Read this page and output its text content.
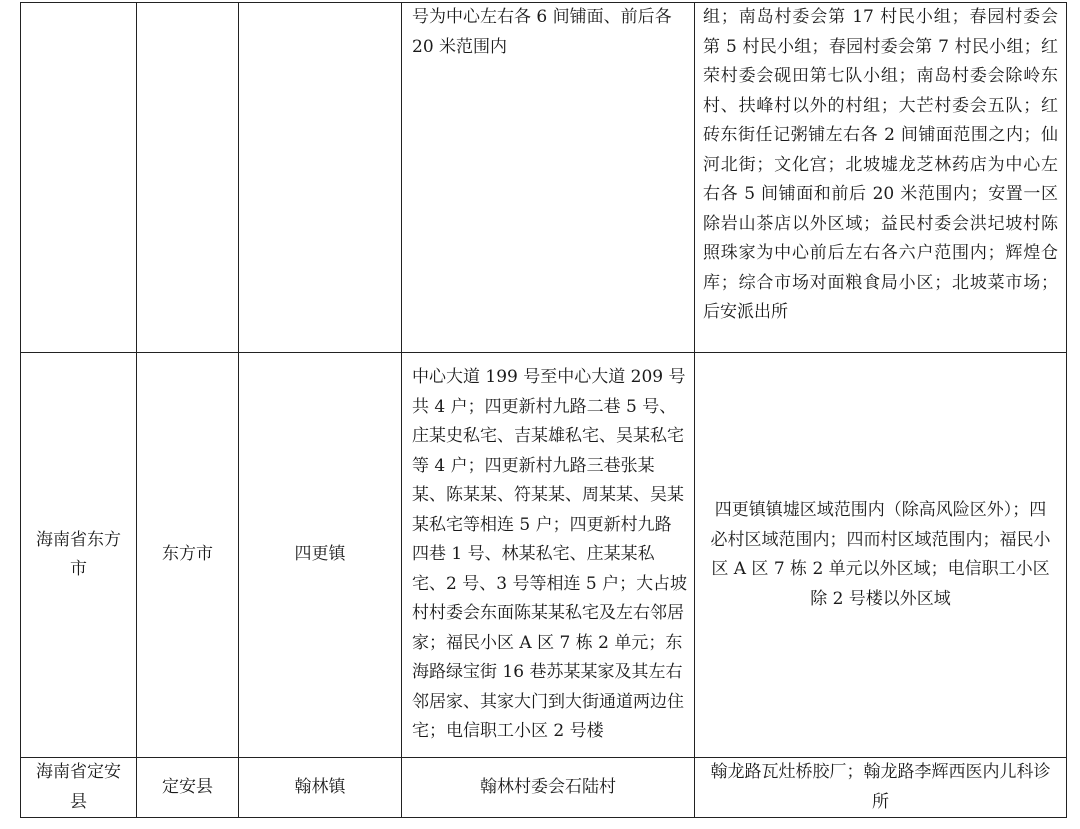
			号为中心左右各 6 间铺面、前后各 20 米范围内	组；南岛村委会第 17 村民小组；春园村委会第 5 村民小组；春园村委会第 7 村民小组；红荣村委会砚田第七队小组；南岛村委会除岭东村、扶峰村以外的村组；大芒村委会五队；红砖东街任记粥铺左右各 2 间铺面范围之内；仙河北街；文化宫；北坡墟龙芝林药店为中心左右各 5 间铺面和前后 20 米范围内；安置一区除岩山茶店以外区域；益民村委会洪圮坡村陈照珠家为中心前后左右各六户范围内；辉煌仓库；综合市场对面粮食局小区；北坡菜市场；后安派出所

海南省东方市	东方市	四更镇	中心大道 199 号至中心大道 209 号共 4 户；四更新村九路二巷 5 号、庄某史私宅、吉某雄私宅、吴某私宅等 4 户；四更新村九路三巷张某某、陈某某、符某某、周某某、吴某某私宅等相连 5 户；四更新村九路四巷 1 号、林某私宅、庄某某私宅、2 号、3 号等相连 5 户；大占坡村村委会东面陈某某私宅及左右邻居家；福民小区 A 区 7 栋 2 单元；东海路绿宝街 16 巷苏某某家及其左右邻居家、其家大门到大街通道两边住宅；电信职工小区 2 号楼	四更镇镇墟区域范围内（除高风险区外）；四必村区域范围内；四而村区域范围内；福民小区 A 区 7 栋 2 单元以外区域；电信职工小区除 2 号楼以外区域

海南省定安县	定安县	翰林镇	翰林村委会石陆村	翰龙路瓦灶桥胶厂；翰龙路李辉西医内儿科诊所
